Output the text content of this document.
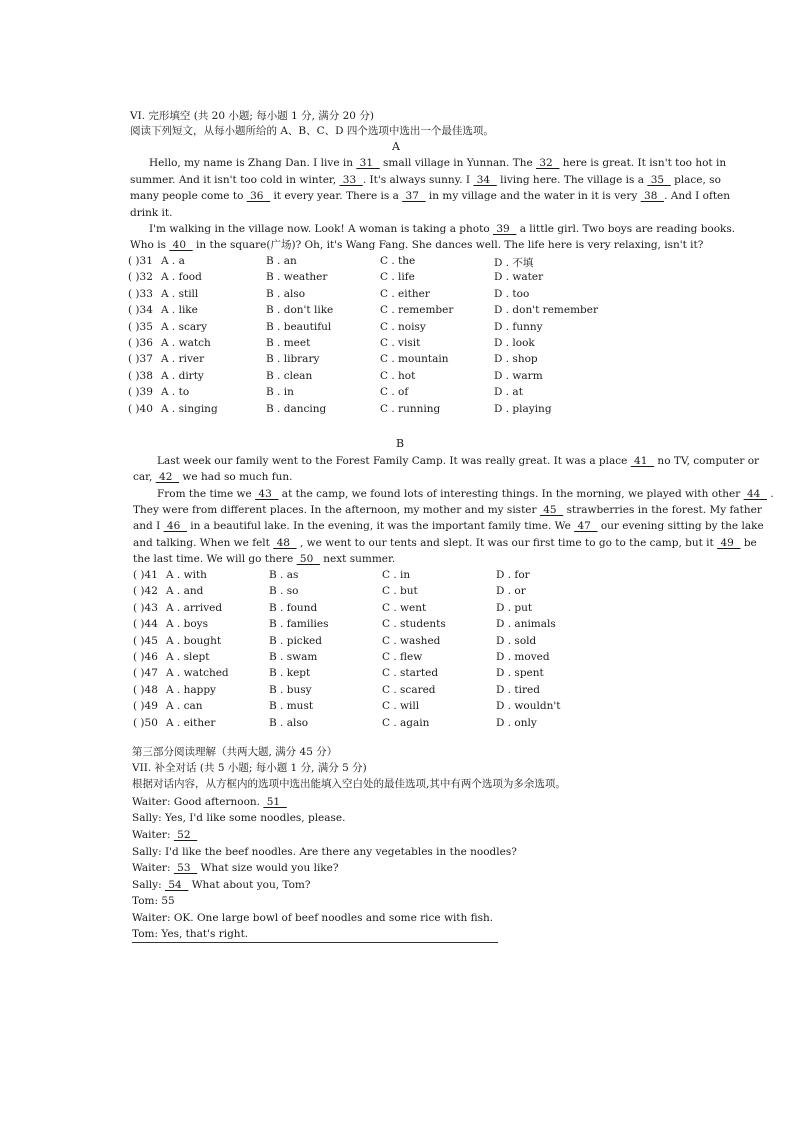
VI. 完形填空 (共 20 小题; 每小题 1 分, 满分 20 分)
阅读下列短文，从每小题所给的 A、B、C、D 四个选项中选出一个最佳选项。
A
Hello, my name is Zhang Dan. I live in  31   small village in Yunnan. The  32   here is great. It isn't too hot in
summer. And it isn't too cold in winter,  33  . It's always sunny. I  34   living here. The village is a  35   place, so
many people come to  36   it every year. There is a  37   in my village and the water in it is very  38  . And I often
drink it.
I'm walking in the village now. Look! A woman is taking a photo  39   a little girl. Two boys are reading books.
Who is  40   in the square(广场)? Oh, it's Wang Fang. She dances well. The life here is very relaxing, isn't it?
( )31 A . a	B . an	C . the	D . 不填
( )32 A . food	B . weather	C . life	D . water
( )33 A . still	B . also	C . either	D . too
( )34 A . like	B . don't like	C . remember	D . don't remember
( )35 A . scary	B . beautiful	C . noisy	D . funny
( )36 A . watch	B . meet	C . visit	D . look
( )37 A . river	B . library	C . mountain	D . shop
( )38 A . dirty	B . clean	C . hot	D . warm
( )39 A . to	B . in	C . of	D . at
( )40 A . singing	B . dancing	C . running	D . playing
B
Last week our family went to the Forest Family Camp. It was really great. It was a place  41   no TV, computer or
car,  42   we had so much fun.
From the time we  43   at the camp, we found lots of interesting things. In the morning, we played with other  44   .
They were from different places. In the afternoon, my mother and my sister  45   strawberries in the forest. My father
and I  46   in a beautiful lake. In the evening, it was the important family time. We  47   our evening sitting by the lake
and talking. When we felt  48   , we went to our tents and slept. It was our first time to go to the camp, but it  49   be
the last time. We will go there  50   next summer.
( )41 A . with	B . as	C . in	D . for
( )42 A . and	B . so	C . but	D . or
( )43 A . arrived	B . found	C . went	D . put
( )44 A . boys	B . families	C . students	D . animals
( )45 A . bought	B . picked	C . washed	D . sold
( )46 A . slept	B . swam	C . flew	D . moved
( )47 A . watched	B . kept	C . started	D . spent
( )48 A . happy	B . busy	C . scared	D . tired
( )49 A . can	B . must	C . will	D . wouldn't
( )50 A . either	B . also	C . again	D . only
第三部分阅读理解（共两大题, 满分 45 分）
VII. 补全对话 (共 5 小题; 每小题 1 分, 满分 5 分)
根据对话内容，从方框内的选项中选出能填入空白处的最佳选项,其中有两个选项为多余选项。
Waiter: Good afternoon.  51
Sally: Yes, I'd like some noodles, please.
Waiter:  52
Sally: I'd like the beef noodles. Are there any vegetables in the noodles?
Waiter:  53   What size would you like?
Sally:  54   What about you, Tom?
Tom: 55
Waiter: OK. One large bowl of beef noodles and some rice with fish.
Tom: Yes, that's right.
